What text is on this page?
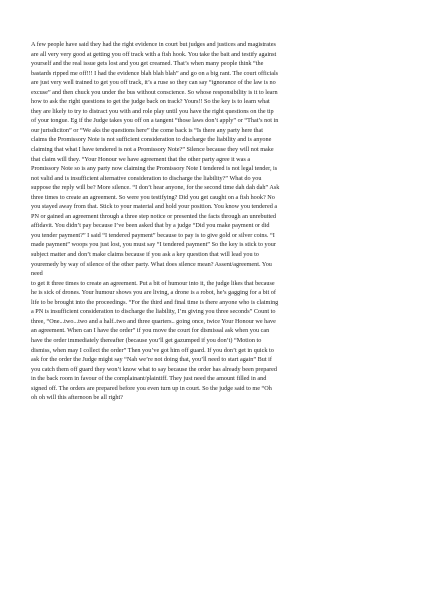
A few people have said they had the right evidence in court but judges and justices and magistrates
are all very very good at getting you off track with a fish hook. You take the bait and testify against
yourself and the real issue gets lost and you get creamed. That’s when many people think “the
bastards ripped me off!!! I had the evidence blah blah blah” and go on a big rant. The court officials
are just very well trained to get you off track, it’s a ruse so they can say “ignorance of the law is no
excuse” and then chuck you under the bus without conscience. So whose responsibility is it to learn
how to ask the right questions to get the judge back on track? Yours!! So the key is to learn what
they are likely to try to distract you with and role play until you have the right questions on the tip
of your tongue. Eg if the Judge takes you off on a tangent “those laws don’t apply” or “That’s not in
our jurisdiciton” or “We aks the questions here” the come back is “Is there any party here that
claims the Promissory Note is not sufficient consideration to discharge the liability and is anyone
claiming that what I have tendered is not a Promissory Note?” Silence because they will not make
that claim will they. “Your Honour we have agreement that the other party agree it was a
Promissory Note so is any party now claiming the Promissory Note I tendered is not legal tender, is
not valid and is insufficient alternative consideration to discharge the liability?” What do you
suppose the reply will be? More silence. “I don’t hear anyone, for the second time dah dah dah” Ask
three times to create an agreement. So were you testifying? Did you get caught on a fish hook? No
you stayed away from that. Stick to your material and hold your position. You know you tendered a
PN or gained an agreement through a three step notice or presented the facts through an unrebutted
affidavit. You didn’t pay because I’ve been asked that by a judge “Did you make payment or did
you tender payment?” I said “I tendered payment” because to pay is to give gold or silver coins. “I
made payment” woops you just lost, you must say “I tendered payment” So the key is stick to your
subject matter and don’t make claims because if you ask a key question that will lead you to
youremedy by way of silence of the other party. What does silence mean? Assent/agreement. You
need

to get it three times to create an agreement. Put a bit of humour into it, the judge likes that because
he is sick of drones. Your humour shows you are living, a drone is a robot, he’s gagging for a bit of
life to be brought into the proceedings. “For the third and final time is there anyone who is claiming
a PN is insufficient consideration to discharge the liability, I’m giving you three seconds” Count to
three, “One...two...two and a half..two and three quarters.. going once, twice Your Honour we have
an agreement. When can I have the order” if you move the court for dismissal ask when you can
have the order immediately thereafter (because you’ll get gazumped if you don’t) “Motion to
dismiss, when may I collect the order” Then you’ve got him off guard. If you don’t get in quick to
ask for the order the Judge might say “Nah we’re not doing that, you’ll need to start again” But if
you catch them off guard they won’t know what to say because the order has already been prepared
in the back room in favour of the complainant/plaintiff. They just need the amount filled in and
signed off. The orders are prepared before you even turn up in court. So the judge said to me “Oh
oh oh will this afternoon be all right?
